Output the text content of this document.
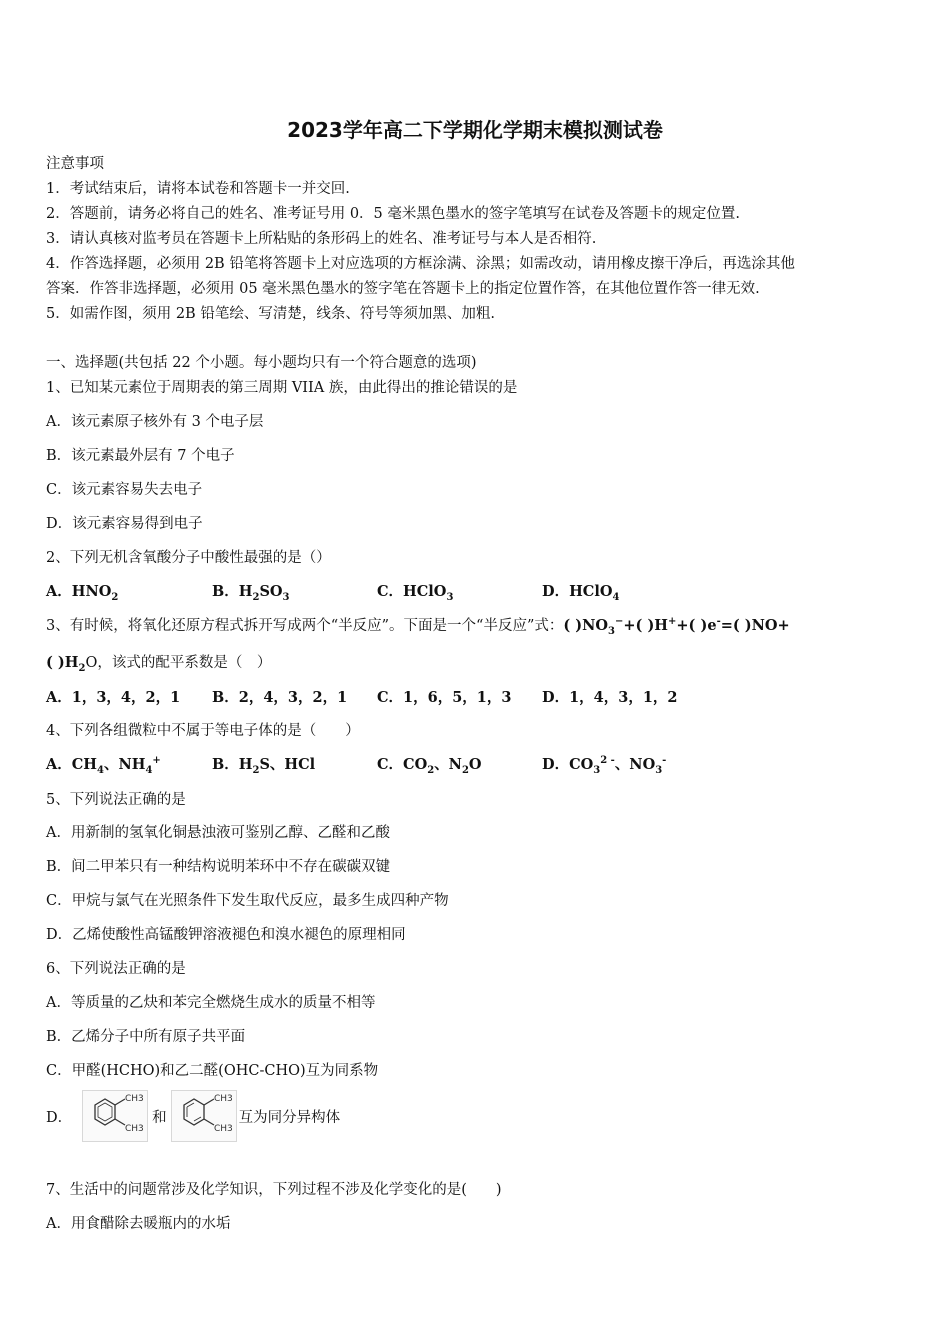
2023学年高二下学期化学期末模拟测试卷
注意事项
1．考试结束后，请将本试卷和答题卡一并交回.
2．答题前，请务必将自己的姓名、准考证号用 0．5 毫米黑色墨水的签字笔填写在试卷及答题卡的规定位置.
3．请认真核对监考员在答题卡上所粘贴的条形码上的姓名、准考证号与本人是否相符.
4．作答选择题，必须用 2B 铅笔将答题卡上对应选项的方框涂满、涂黑；如需改动，请用橡皮擦干净后，再选涂其他
答案．作答非选择题，必须用 05 毫米黑色墨水的签字笔在答题卡上的指定位置作答，在其他位置作答一律无效.
5．如需作图，须用 2B 铅笔绘、写清楚，线条、符号等须加黑、加粗.
一、选择题(共包括 22 个小题。每小题均只有一个符合题意的选项)
1、已知某元素位于周期表的第三周期 VIIA 族，由此得出的推论错误的是
A．该元素原子核外有 3 个电子层
B．该元素最外层有 7 个电子
C．该元素容易失去电子
D．该元素容易得到电子
2、下列无机含氧酸分子中酸性最强的是（）
A．$HNO_2$	B．$H_2SO_3$	C．HClO$_3$	D．HClO$_4$
3、有时候，将氧化还原方程式拆开写成两个“半反应”。下面是一个“半反应”式：( )$NO_3^-+$( )H++( )e-=( )NO+
( )$H_2O$，该式的配平系数是（　）
A．1，3，4，2，1 B．2，4，3，2，1 C．1，6，5，1，3 D．1，4，3，1，2
4、下列各组微粒中不属于等电子体的是（　　）
A．$CH_4$、$NH_4^+$	B．$H_2S$、HCl	C．$CO_2$、$N_2O$	D．$CO_3^{2 -}$、$NO_3^-$
5、下列说法正确的是
A．用新制的氢氧化铜悬浊液可鉴别乙醇、乙醛和乙酸
B．间二甲苯只有一种结构说明苯环中不存在碳碳双键
C．甲烷与氯气在光照条件下发生取代反应，最多生成四种产物
D．乙烯使酸性高锰酸钾溶液褪色和溴水褪色的原理相同
6、下列说法正确的是
A．等质量的乙炔和苯完全燃烧生成水的质量不相等
B．乙烯分子中所有原子共平面
C．甲醛(HCHO)和乙二醛(OHC-CHO)互为同系物
D．
CH3
CH3
和
CH3
CH3
互为同分异构体
7、生活中的问题常涉及化学知识，下列过程不涉及化学变化的是(　　)
A．用食醋除去暖瓶内的水垢
